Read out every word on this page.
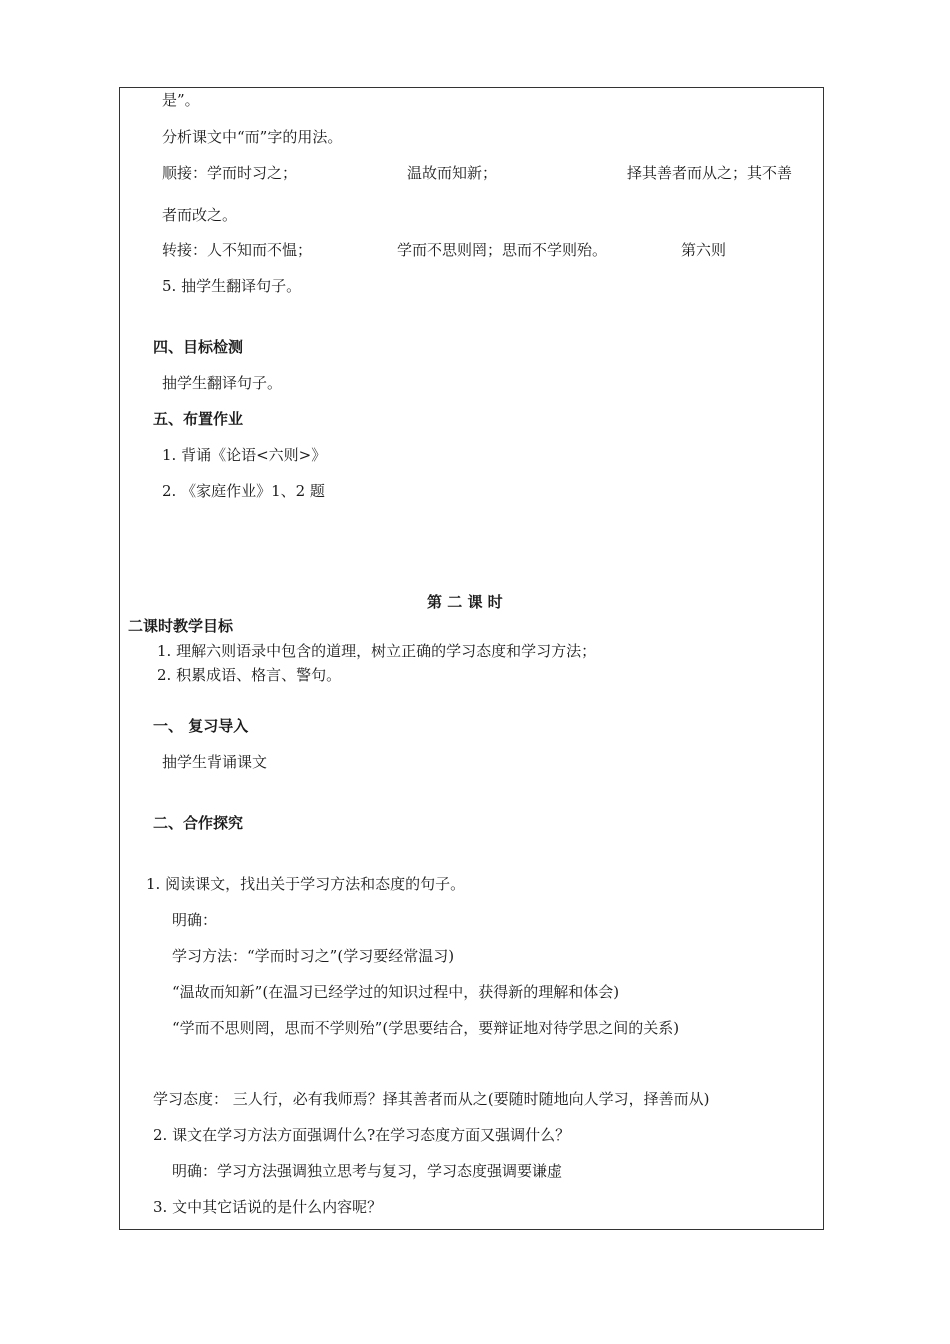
是”。
分析课文中“而”字的用法。
顺接：学而时习之；	温故而知新；	择其善者而从之；其不善
者而改之。
转接：人不知而不愠；	学而不思则罔；思而不学则殆。	第六则
5. 抽学生翻译句子。
四、目标检测
抽学生翻译句子。
五、布置作业
1. 背诵《论语<六则>》
2. 《家庭作业》1、2 题
第 二 课 时
二课时教学目标
1. 理解六则语录中包含的道理，树立正确的学习态度和学习方法；
2. 积累成语、格言、警句。
一、 复习导入
抽学生背诵课文
二、合作探究
1. 阅读课文，找出关于学习方法和态度的句子。
明确：
学习方法：“学而时习之”(学习要经常温习)
“温故而知新”(在温习已经学过的知识过程中，获得新的理解和体会)
“学而不思则罔，思而不学则殆”(学思要结合，要辩证地对待学思之间的关系)
学习态度： 三人行，必有我师焉？择其善者而从之(要随时随地向人学习，择善而从)
2. 课文在学习方法方面强调什么?在学习态度方面又强调什么？
明确：学习方法强调独立思考与复习，学习态度强调要谦虚
3. 文中其它话说的是什么内容呢？
